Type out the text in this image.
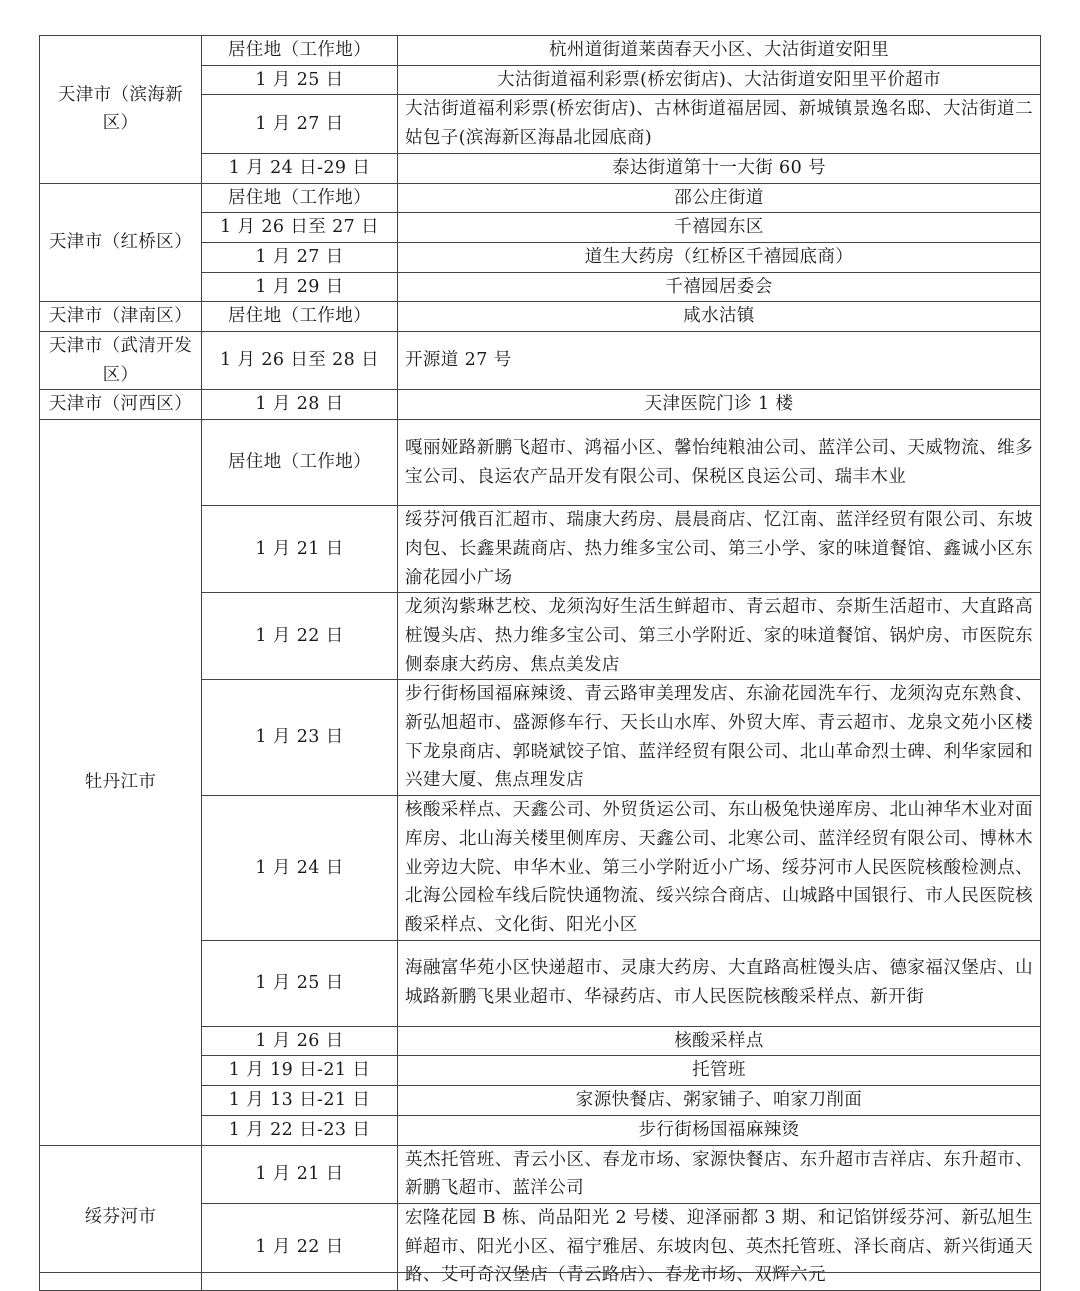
天津市（滨海新区）	居住地（工作地）	杭州道街道莱茵春天小区、大沽街道安阳里
	1 月 25 日	大沽街道福利彩票(桥宏街店)、大沽街道安阳里平价超市
	1 月 27 日	大沽街道福利彩票(桥宏街店)、古林街道福居园、新城镇景逸名邸、大沽街道二姑包子(滨海新区海晶北园底商)
	1 月 24 日-29 日	泰达街道第十一大街 60 号
天津市（红桥区）	居住地（工作地）	邵公庄街道
	1 月 26 日至 27 日	千禧园东区
	1 月 27 日	道生大药房（红桥区千禧园底商）
	1 月 29 日	千禧园居委会
天津市（津南区）	居住地（工作地）	咸水沽镇
天津市（武清开发区）	1 月 26 日至 28 日	开源道 27 号
天津市（河西区）	1 月 28 日	天津医院门诊 1 楼
牡丹江市	居住地（工作地）	嘎丽娅路新鹏飞超市、鸿福小区、馨怡纯粮油公司、蓝洋公司、天威物流、维多宝公司、良运农产品开发有限公司、保税区良运公司、瑞丰木业
	1 月 21 日	绥芬河俄百汇超市、瑞康大药房、晨晨商店、忆江南、蓝洋经贸有限公司、东坡肉包、长鑫果蔬商店、热力维多宝公司、第三小学、家的味道餐馆、鑫诚小区东渝花园小广场
	1 月 22 日	龙须沟紫琳艺校、龙须沟好生活生鲜超市、青云超市、奈斯生活超市、大直路高桩馒头店、热力维多宝公司、第三小学附近、家的味道餐馆、锅炉房、市医院东侧泰康大药房、焦点美发店
	1 月 23 日	步行街杨国福麻辣烫、青云路审美理发店、东渝花园洗车行、龙须沟克东熟食、新弘旭超市、盛源修车行、天长山水库、外贸大库、青云超市、龙泉文苑小区楼下龙泉商店、郭晓斌饺子馆、蓝洋经贸有限公司、北山革命烈士碑、利华家园和兴建大厦、焦点理发店
	1 月 24 日	核酸采样点、天鑫公司、外贸货运公司、东山极兔快递库房、北山神华木业对面库房、北山海关楼里侧库房、天鑫公司、北寒公司、蓝洋经贸有限公司、博林木业旁边大院、申华木业、第三小学附近小广场、绥芬河市人民医院核酸检测点、北海公园检车线后院快通物流、绥兴综合商店、山城路中国银行、市人民医院核酸采样点、文化街、阳光小区
	1 月 25 日	海融富华苑小区快递超市、灵康大药房、大直路高桩馒头店、德家福汉堡店、山城路新鹏飞果业超市、华禄药店、市人民医院核酸采样点、新开街
	1 月 26 日	核酸采样点
	1 月 19 日-21 日	托管班
	1 月 13 日-21 日	家源快餐店、粥家铺子、咱家刀削面
	1 月 22 日-23 日	步行街杨国福麻辣烫
绥芬河市	1 月 21 日	英杰托管班、青云小区、春龙市场、家源快餐店、东升超市吉祥店、东升超市、新鹏飞超市、蓝洋公司
	1 月 22 日	宏隆花园 B 栋、尚品阳光 2 号楼、迎泽丽都 3 期、和记馅饼绥芬河、新弘旭生鲜超市、阳光小区、福宁雅居、东坡肉包、英杰托管班、泽长商店、新兴街通天路、艾可奇汉堡店（青云路店）、春龙市场、双辉六元
